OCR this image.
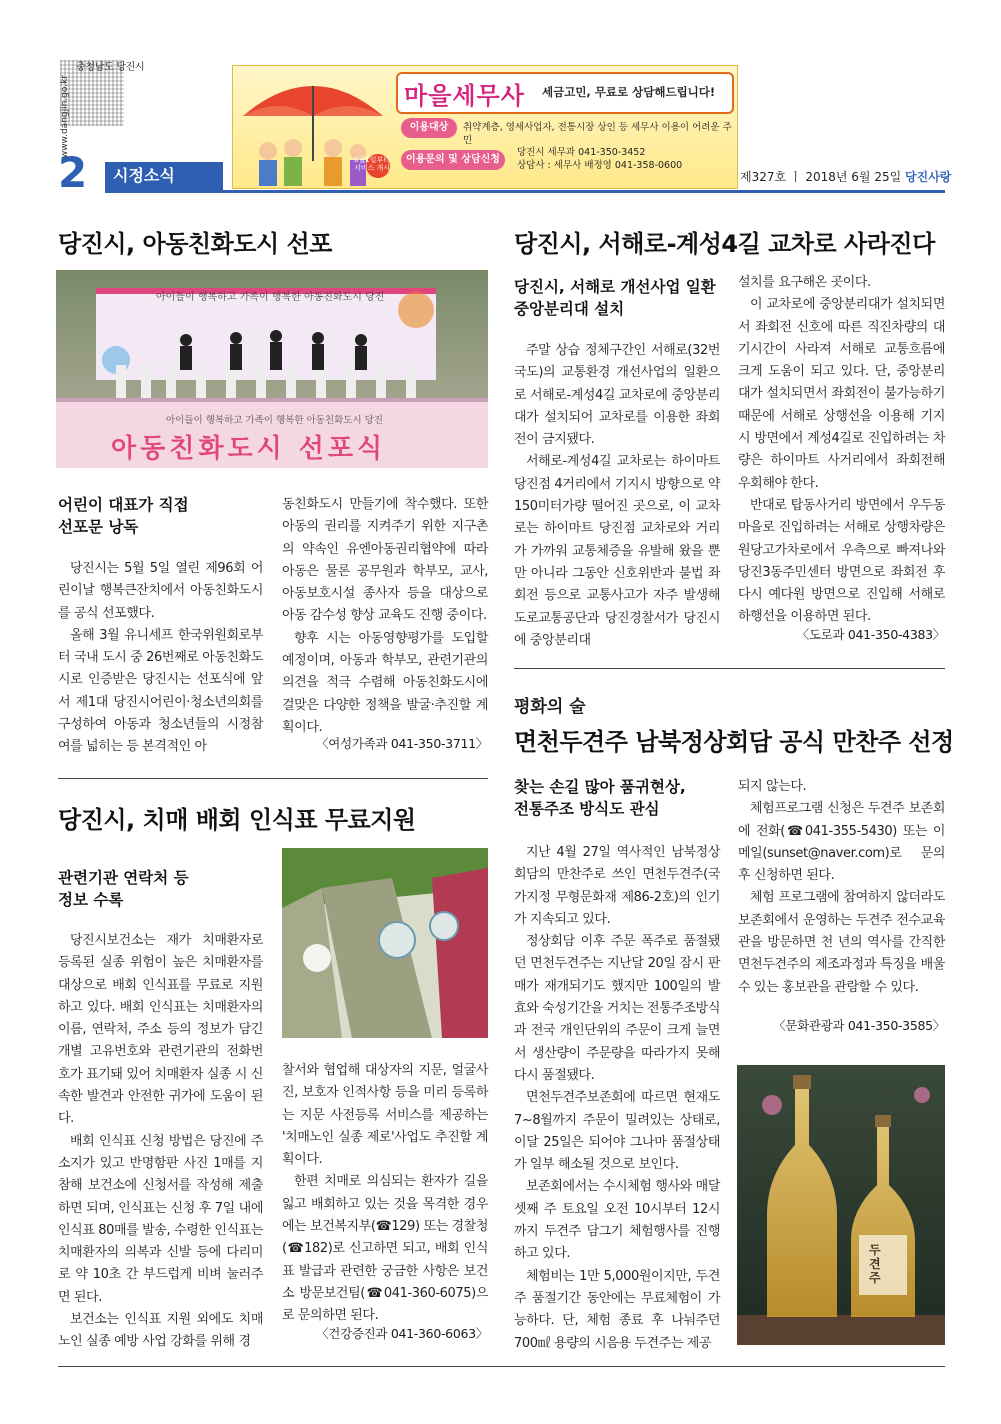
충청남도 당진시
www.dangjin.go.kr
2	시정소식	제327호 ㅣ 2018년 6월 25일 당진사랑
6월1일부터 서비스 개시
마을세무사 세금고민, 무료로 상담해드립니다!
이용대상	취약계층, 영세사업자, 전통시장 상인 등 세무사 이용이 어려운 주민
이용문의 및 상담신청
당진시 세무과 041-350-3452
상담사 : 세무사 배정영 041-358-0600
당진시, 아동친화도시 선포
아이들이 행복하고 가족이 행복한 아동친화도시 당진
아이들이 행복하고 가족이 행복한 아동친화도시 당진
아동친화도시 선포식
어린이 대표가 직접
선포문 낭독

당진시는 5월 5일 열린 제96회 어린이날 행복큰잔치에서 아동친화도시를 공식 선포했다.

올해 3월 유니세프 한국위원회로부터 국내 도시 중 26번째로 아동친화도시로 인증받은 당진시는 선포식에 앞서 제1대 당진시어린이·청소년의회를 구성하여 아동과 청소년들의 시정참여를 넓히는 등 본격적인 아

동친화도시 만들기에 착수했다. 또한 아동의 권리를 지켜주기 위한 지구촌의 약속인 유엔아동권리협약에 따라 아동은 물론 공무원과 학부모, 교사, 아동보호시설 종사자 등을 대상으로 아동 감수성 향상 교육도 진행 중이다.

향후 시는 아동영향평가를 도입할 예정이며, 아동과 학부모, 관련기관의 의견을 적극 수렴해 아동친화도시에 걸맞은 다양한 정책을 발굴·추진할 계획이다.

〈여성가족과 041-350-3711〉
당진시, 치매 배회 인식표 무료지원
관련기관 연락처 등
정보 수록

당진시보건소는 재가 치매환자로 등록된 실종 위험이 높은 치매환자를 대상으로 배회 인식표를 무료로 지원하고 있다. 배회 인식표는 치매환자의 이름, 연락처, 주소 등의 정보가 담긴 개별 고유번호와 관련기관의 전화번호가 표기돼 있어 치매환자 실종 시 신속한 발견과 안전한 귀가에 도움이 된다.

배회 인식표 신청 방법은 당진에 주소지가 있고 반명함판 사진 1매를 지참해 보건소에 신청서를 작성해 제출하면 되며, 인식표는 신청 후 7일 내에 인식표 80매를 발송, 수령한 인식표는 치매환자의 의복과 신발 등에 다리미로 약 10초 간 부드럽게 비벼 눌러주면 된다.

보건소는 인식표 지원 외에도 치매노인 실종 예방 사업 강화를 위해 경

찰서와 협업해 대상자의 지문, 얼굴사진, 보호자 인적사항 등을 미리 등록하는 지문 사전등록 서비스를 제공하는 '치매노인 실종 제로'사업도 추진할 계획이다.

한편 치매로 의심되는 환자가 길을 잃고 배회하고 있는 것을 목격한 경우에는 보건복지부(☎129) 또는 경찰청(☎182)로 신고하면 되고, 배회 인식표 발급과 관련한 궁금한 사항은 보건소 방문보건팀(☎041-360-6075)으로 문의하면 된다.

〈건강증진과 041-360-6063〉
당진시, 서해로-계성4길 교차로 사라진다
당진시, 서해로 개선사업 일환
중앙분리대 설치

주말 상습 정체구간인 서해로(32번 국도)의 교통환경 개선사업의 일환으로 서해로-계성4길 교차로에 중앙분리대가 설치되어 교차로를 이용한 좌회전이 금지됐다.

서해로-계성4길 교차로는 하이마트 당진점 4거리에서 기지시 방향으로 약 150미터가량 떨어진 곳으로, 이 교차로는 하이마트 당진점 교차로와 거리가 가까워 교통체증을 유발해 왔을 뿐만 아니라 그동안 신호위반과 불법 좌회전 등으로 교통사고가 자주 발생해 도로교통공단과 당진경찰서가 당진시에 중앙분리대

설치를 요구해온 곳이다.

이 교차로에 중앙분리대가 설치되면서 좌회전 신호에 따른 직진차량의 대기시간이 사라져 서해로 교통흐름에 크게 도움이 되고 있다. 단, 중앙분리대가 설치되면서 좌회전이 불가능하기 때문에 서해로 상행선을 이용해 기지시 방면에서 계성4길로 진입하려는 차량은 하이마트 사거리에서 좌회전해 우회해야 한다.

반대로 탑동사거리 방면에서 우두동 마을로 진입하려는 서해로 상행차량은 원당고가차로에서 우측으로 빠져나와 당진3동주민센터 방면으로 좌회전 후 다시 예다원 방면으로 진입해 서해로 하행선을 이용하면 된다.

〈도로과 041-350-4383〉
평화의 술
면천두견주 남북정상회담 공식 만찬주 선정
찾는 손길 많아 품귀현상,
전통주조 방식도 관심

지난 4월 27일 역사적인 남북정상회담의 만찬주로 쓰인 면천두견주(국가지정 무형문화재 제86-2호)의 인기가 지속되고 있다.

정상회담 이후 주문 폭주로 품절됐던 면천두견주는 지난달 20일 잠시 판매가 재개되기도 했지만 100일의 발효와 숙성기간을 거치는 전통주조방식과 전국 개인단위의 주문이 크게 늘면서 생산량이 주문량을 따라가지 못해 다시 품절됐다.

면천두견주보존회에 따르면 현재도 7~8월까지 주문이 밀려있는 상태로, 이달 25일은 되어야 그나마 품절상태가 일부 해소될 것으로 보인다.

보존회에서는 수시체험 행사와 매달 셋째 주 토요일 오전 10시부터 12시까지 두견주 담그기 체험행사를 진행하고 있다.

체험비는 1만 5,000원이지만, 두견주 품절기간 동안에는 무료체험이 가능하다. 단, 체험 종료 후 나눠주던 700㎖ 용량의 시음용 두견주는 제공

되지 않는다.

체험프로그램 신청은 두견주 보존회에 전화(☎041-355-5430) 또는 이메일(sunset@naver.com)로 문의 후 신청하면 된다.

체험 프로그램에 참여하지 않더라도 보존회에서 운영하는 두견주 전수교육관을 방문하면 천 년의 역사를 간직한 면천두견주의 제조과정과 특징을 배울 수 있는 홍보관을 관람할 수 있다.

〈문화관광과 041-350-3585〉
두견주
